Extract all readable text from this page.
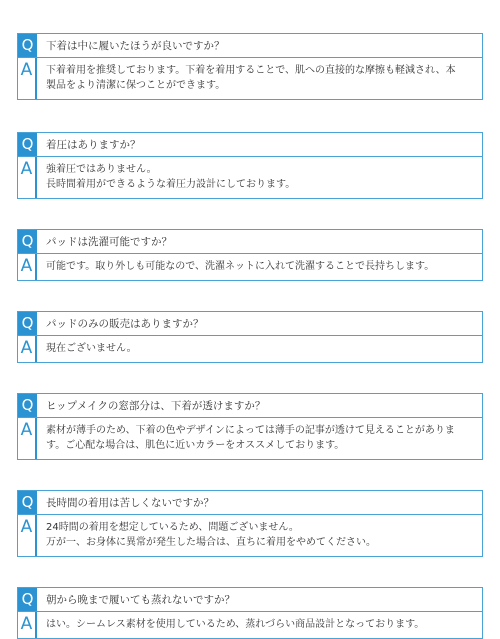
Q	下着は中に履いたほうが良いですか？
A	下着着用を推奨しております。下着を着用することで、肌への直接的な摩擦も軽減され、本
製品をより清潔に保つことができます。
Q	着圧はありますか？
A	強着圧ではありません。
長時間着用ができるような着圧力設計にしております。
Q	パッドは洗濯可能ですか？
A	可能です。取り外しも可能なので、洗濯ネットに入れて洗濯することで長持ちします。
Q	パッドのみの販売はありますか？
A	現在ございません。
Q	ヒップメイクの窓部分は、下着が透けますか？
A	素材が薄手のため、下着の色やデザインによっては薄手の記事が透けて見えることがありま
す。ご心配な場合は、肌色に近いカラーをオススメしております。
Q	長時間の着用は苦しくないですか？
A	24時間の着用を想定しているため、問題ございません。
万が一、お身体に異常が発生した場合は、直ちに着用をやめてください。
Q	朝から晩まで履いても蒸れないですか？
A	はい。シームレス素材を使用しているため、蒸れづらい商品設計となっております。
